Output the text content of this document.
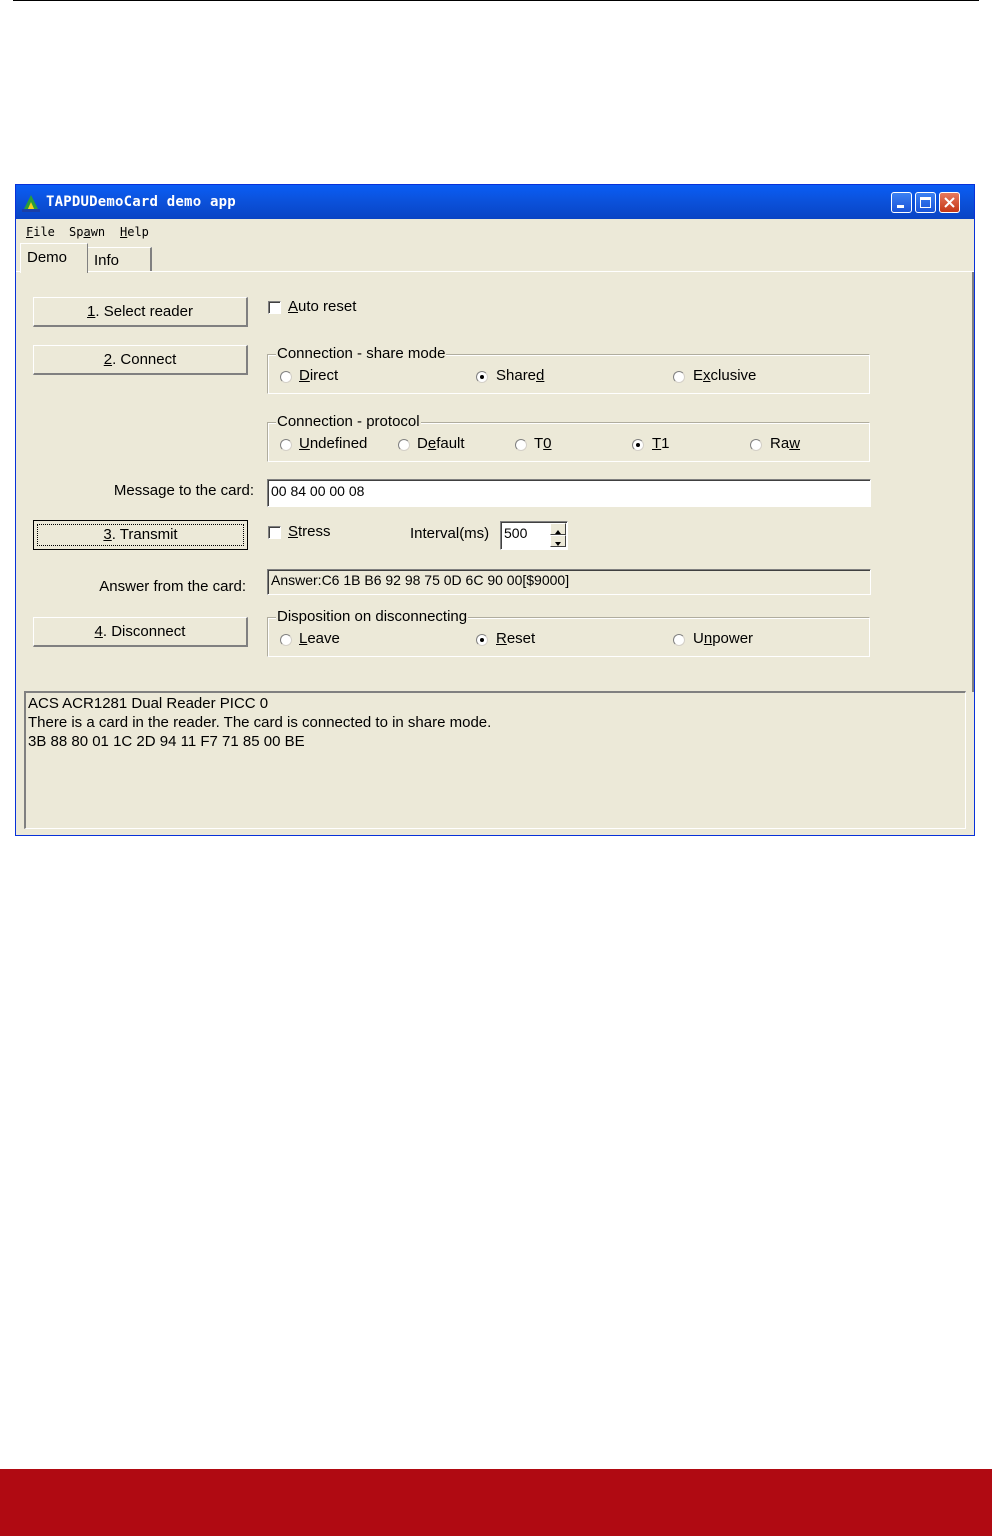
TAPDUDemoCard demo app
File Spawn Help
Demo	Info
1. Select reader	Auto reset
2. Connect	Connection - share mode
Direct	Shared	Exclusive
Connection - protocol
Undefined	Default	T0	T1	Raw
Message to the card: 00 84 00 00 08
3. Transmit	Stress	Interval(ms) 500
Answer from the card: Answer:C6 1B B6 92 98 75 0D 6C 90 00[$9000]
4. Disconnect
Disposition on disconnecting
Leave	Reset	Unpower
ACS ACR1281 Dual Reader PICC 0
There is a card in the reader. The card is connected to in share mode.
3B 88 80 01 1C 2D 94 11 F7 71 85 00 BE
